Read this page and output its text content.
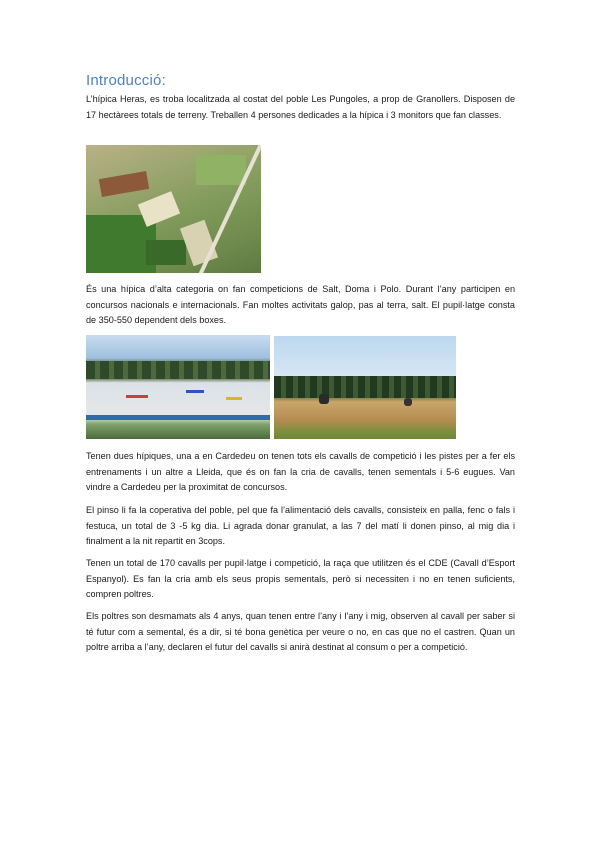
Introducció:

L’hípica Heras, es troba localitzada al costat del poble Les Pungoles, a prop de Granollers. Disposen de 17 hectàrees totals de terreny. Treballen 4 persones dedicades a la hípica i 3 monitors que fan classes.

És una hípica d’alta categoria on fan competicions de Salt, Doma i Polo. Durant l’any participen en concursos nacionals e internacionals. Fan moltes activitats galop, pas al terra, salt. El pupil·latge consta de 350-550 dependent dels boxes.

Tenen dues hípiques, una a en Cardedeu on tenen tots els cavalls de competició i les pistes per a fer els entrenaments i un altre a Lleida, que és on fan la cria de cavalls, tenen sementals i 5-6 eugues. Van vindre a Cardedeu per la proximitat de concursos.

El pinso li fa la coperativa del poble, pel que fa l’alimentació dels cavalls, consisteix en palla, fenc o fals i festuca, un total de 3 -5 kg dia. Li agrada donar granulat, a las 7 del matí li donen pinso, al mig dia i finalment a la nit repartit en 3cops.

Tenen un total de 170 cavalls per pupil·latge i competició, la raça que utilitzen és el CDE (Cavall d’Esport Espanyol). Es fan la cria amb els seus propis sementals, però si necessiten i no en tenen suficients, compren poltres.

Els poltres son desmamats als 4 anys, quan tenen entre l’any i l’any i mig, observen al cavall per saber si té futur com a semental, és a dir, si té bona genètica per veure o no, en cas que no el castren. Quan un poltre arriba a l’any, declaren el futur del cavalls si anirà destinat al consum o per a competició.
